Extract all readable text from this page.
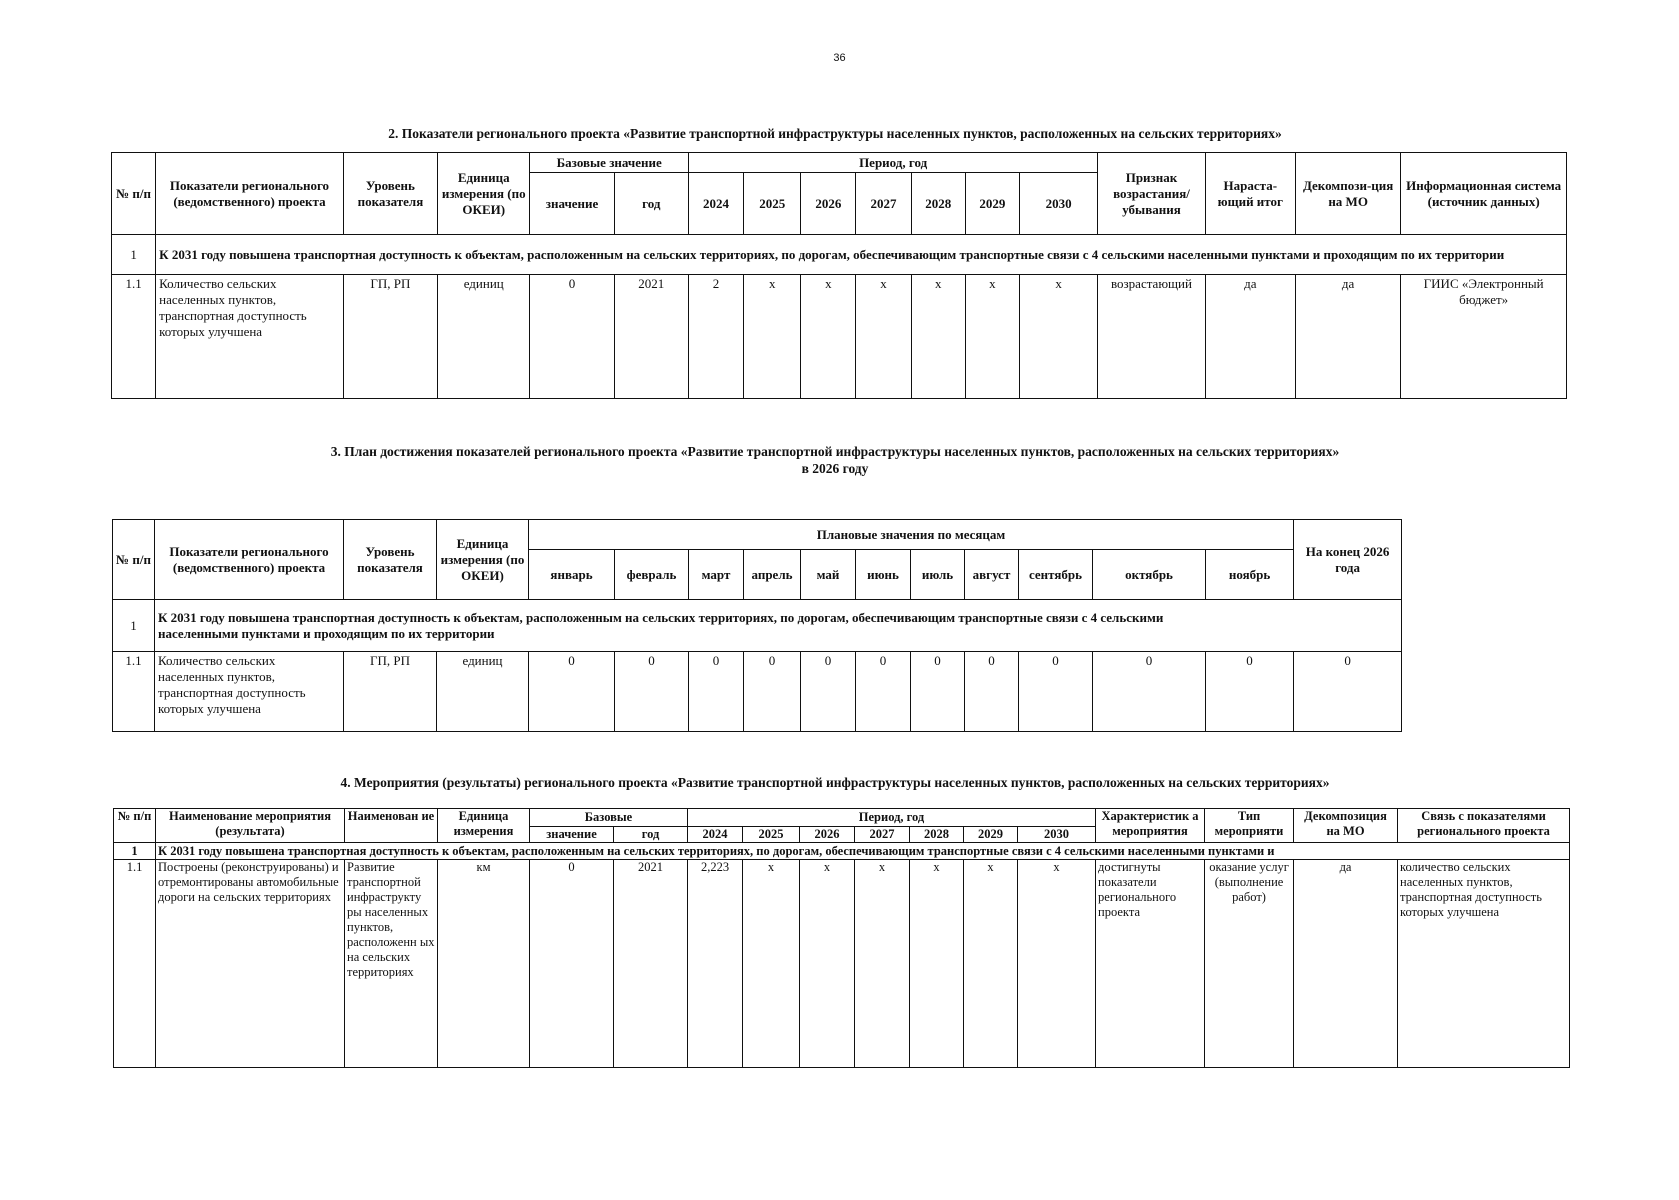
36
2. Показатели регионального проекта «Развитие транспортной инфраструктуры населенных пунктов, расположенных на сельских территориях»
№ п/п	Показатели регионального (ведомственного) проекта	Уровень показателя	Единица измерения (по ОКЕИ)	Базовые значение		Период, год							Признак возрастания/ убывания	Нараста-ющий итог	Декомпози-ция на МО	Информационная система (источник данных)
				значение	год	2024	2025	2026	2027	2028	2029	2030				
1	К 2031 году повышена транспортная доступность к объектам, расположенным на сельских территориях, по дорогам, обеспечивающим транспортные связи с 4 сельскими населенными пунктами и проходящим по их территории															
1.1	Количество сельских населенных пунктов, транспортная доступность которых улучшена	ГП, РП	единиц	0	2021	2	х	х	х	х	х	х	возрастающий	да	да	ГИИС «Электронный бюджет»
3. План достижения показателей регионального проекта «Развитие транспортной инфраструктуры населенных пунктов, расположенных на сельских территориях»
в 2026 году
№ п/п	Показатели регионального (ведомственного) проекта	Уровень показателя	Единица измерения (по ОКЕИ)	Плановые значения по месяцам											На конец 2026 года
				январь	февраль	март	апрель	май	июнь	июль	август	сентябрь	октябрь	ноябрь	
1	К 2031 году повышена транспортная доступность к объектам, расположенным на сельских территориях, по дорогам, обеспечивающим транспортные связи с 4 сельскими населенными пунктами и проходящим по их территории														
1.1	Количество сельских населенных пунктов, транспортная доступность которых улучшена	ГП, РП	единиц	0	0	0	0	0	0	0	0	0	0	0	0
4. Мероприятия (результаты) регионального проекта «Развитие транспортной инфраструктуры населенных пунктов, расположенных на сельских территориях»
№ п/п	Наименование мероприятия (результата)	Наименован ие	Единица измерения	Базовые		Период, год							Характеристик а мероприятия	Тип мероприяти	Декомпозиция на МО	Связь с показателями регионального проекта
				значение	год	2024	2025	2026	2027	2028	2029	2030				
1	К 2031 году повышена транспортная доступность к объектам, расположенным на сельских территориях, по дорогам, обеспечивающим транспортные связи с 4 сельскими населенными пунктами и															
1.1	Построены (реконструированы) и отремонтированы автомобильные дороги на сельских территориях	Развитие транспортной инфраструкту ры населенных пунктов, расположенн ых на сельских территориях	км	0	2021	2,223	х	х	х	х	х	х	достигнуты показатели регионального проекта	оказание услуг (выполнение работ)	да	количество сельских населенных пунктов, транспортная доступность которых улучшена
